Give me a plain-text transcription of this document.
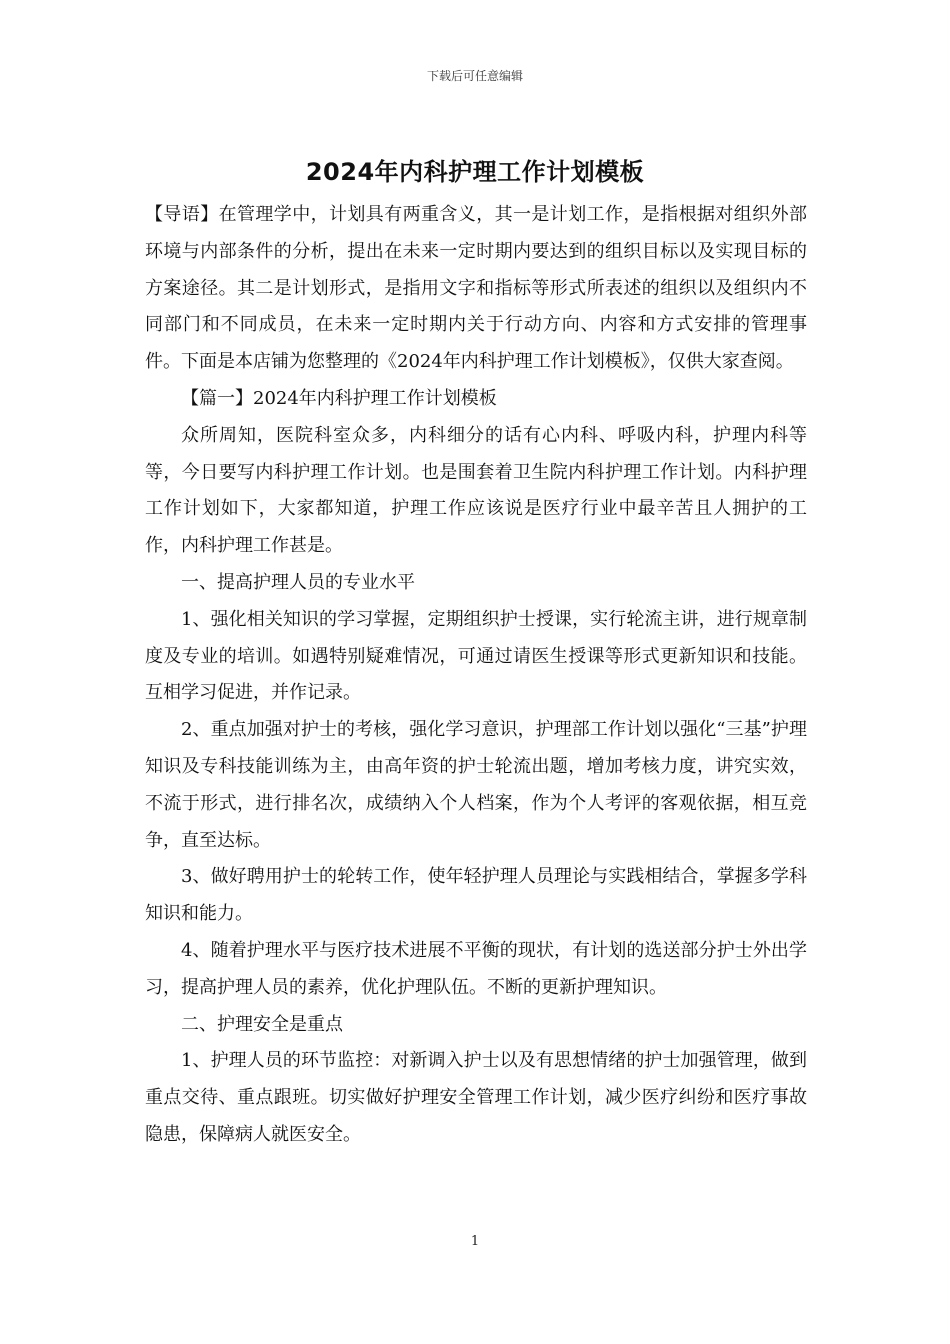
下载后可任意编辑
2024年内科护理工作计划模板

【导语】在管理学中，计划具有两重含义，其一是计划工作，是指根据对组织外部环境与内部条件的分析，提出在未来一定时期内要达到的组织目标以及实现目标的方案途径。其二是计划形式，是指用文字和指标等形式所表述的组织以及组织内不同部门和不同成员，在未来一定时期内关于行动方向、内容和方式安排的管理事件。下面是本店铺为您整理的《2024年内科护理工作计划模板》，仅供大家查阅。

【篇一】2024年内科护理工作计划模板

众所周知，医院科室众多，内科细分的话有心内科、呼吸内科，护理内科等等，今日要写内科护理工作计划。也是围套着卫生院内科护理工作计划。内科护理工作计划如下，大家都知道，护理工作应该说是医疗行业中最辛苦且人拥护的工作，内科护理工作甚是。

一、提高护理人员的专业水平

1、强化相关知识的学习掌握，定期组织护士授课，实行轮流主讲，进行规章制度及专业的培训。如遇特别疑难情况，可通过请医生授课等形式更新知识和技能。互相学习促进，并作记录。

2、重点加强对护士的考核，强化学习意识，护理部工作计划以强化“三基”护理知识及专科技能训练为主，由高年资的护士轮流出题，增加考核力度，讲究实效，不流于形式，进行排名次，成绩纳入个人档案，作为个人考评的客观依据，相互竞争，直至达标。

3、做好聘用护士的轮转工作，使年轻护理人员理论与实践相结合，掌握多学科知识和能力。

4、随着护理水平与医疗技术进展不平衡的现状，有计划的选送部分护士外出学习，提高护理人员的素养，优化护理队伍。不断的更新护理知识。

二、护理安全是重点

1、护理人员的环节监控：对新调入护士以及有思想情绪的护士加强管理，做到重点交待、重点跟班。切实做好护理安全管理工作计划，减少医疗纠纷和医疗事故隐患，保障病人就医安全。

1
